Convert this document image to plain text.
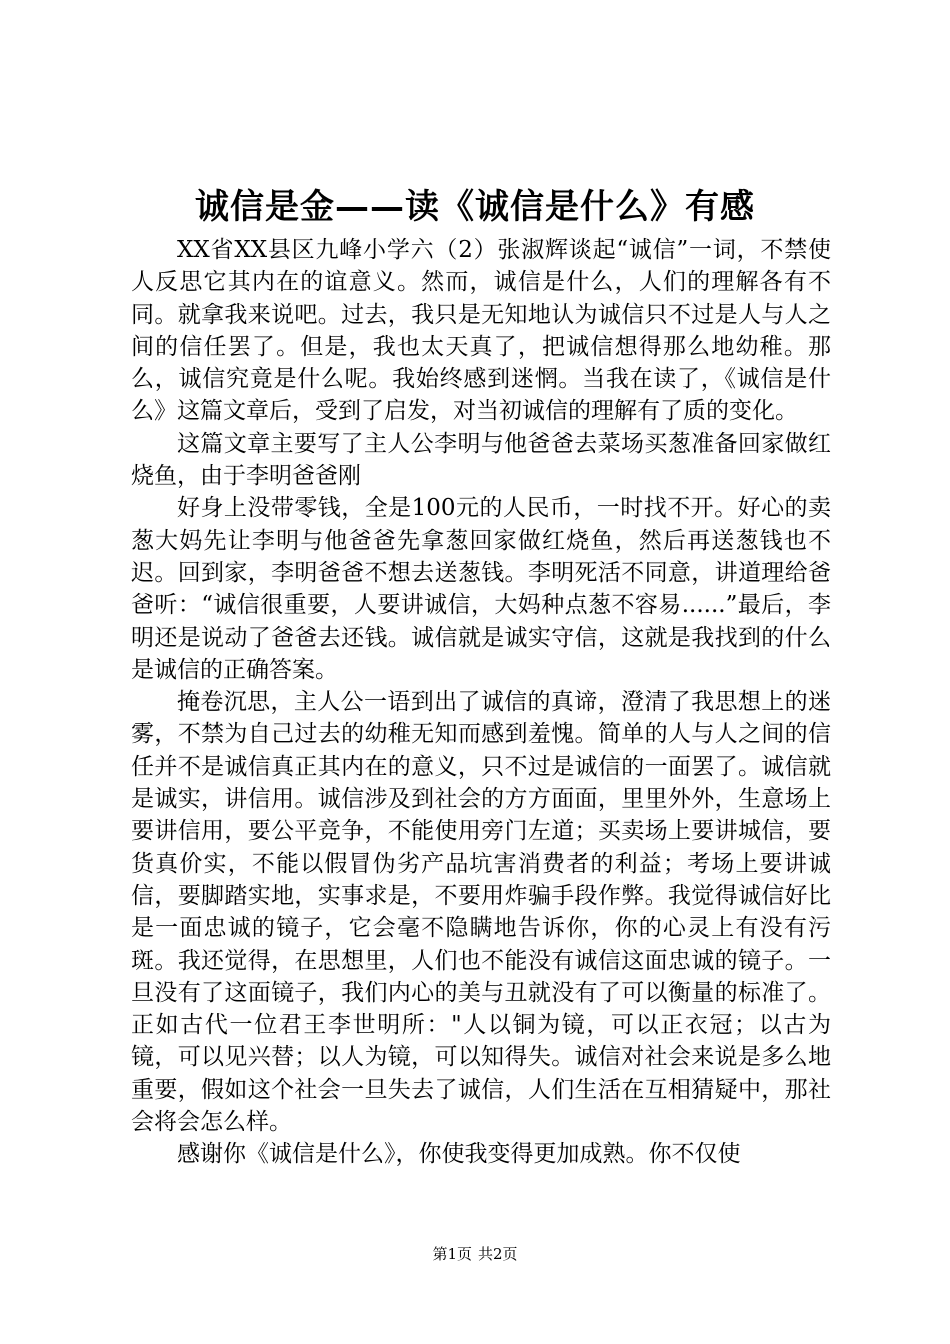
诚信是金——读《诚信是什么》有感

XX省XX县区九峰小学六（2）张淑辉谈起“诚信”一词，不禁使人反思它其内在的谊意义。然而，诚信是什么，人们的理解各有不同。就拿我来说吧。过去，我只是无知地认为诚信只不过是人与人之间的信任罢了。但是，我也太天真了，把诚信想得那么地幼稚。那么，诚信究竟是什么呢。我始终感到迷惘。当我在读了，《诚信是什么》这篇文章后，受到了启发，对当初诚信的理解有了质的变化。

这篇文章主要写了主人公李明与他爸爸去菜场买葱准备回家做红烧鱼，由于李明爸爸刚

好身上没带零钱，全是100元的人民币，一时找不开。好心的卖葱大妈先让李明与他爸爸先拿葱回家做红烧鱼，然后再送葱钱也不迟。回到家，李明爸爸不想去送葱钱。李明死活不同意，讲道理给爸爸听：“诚信很重要，人要讲诚信，大妈种点葱不容易......”最后，李明还是说动了爸爸去还钱。诚信就是诚实守信，这就是我找到的什么是诚信的正确答案。

掩卷沉思，主人公一语到出了诚信的真谛，澄清了我思想上的迷雾，不禁为自己过去的幼稚无知而感到羞愧。简单的人与人之间的信任并不是诚信真正其内在的意义，只不过是诚信的一面罢了。诚信就是诚实，讲信用。诚信涉及到社会的方方面面，里里外外，生意场上要讲信用，要公平竞争，不能使用旁门左道；买卖场上要讲城信，要货真价实，不能以假冒伪劣产品坑害消费者的利益；考场上要讲诚信，要脚踏实地，实事求是，不要用炸骗手段作弊。我觉得诚信好比是一面忠诚的镜子，它会毫不隐瞒地告诉你，你的心灵上有没有污斑。我还觉得，在思想里，人们也不能没有诚信这面忠诚的镜子。一旦没有了这面镜子，我们内心的美与丑就没有了可以衡量的标准了。正如古代一位君王李世明所："人以铜为镜，可以正衣冠；以古为镜，可以见兴替；以人为镜，可以知得失。诚信对社会来说是多么地重要，假如这个社会一旦失去了诚信，人们生活在互相猜疑中，那社会将会怎么样。

感谢你《诚信是什么》，你使我变得更加成熟。你不仅使

第1页 共2页
